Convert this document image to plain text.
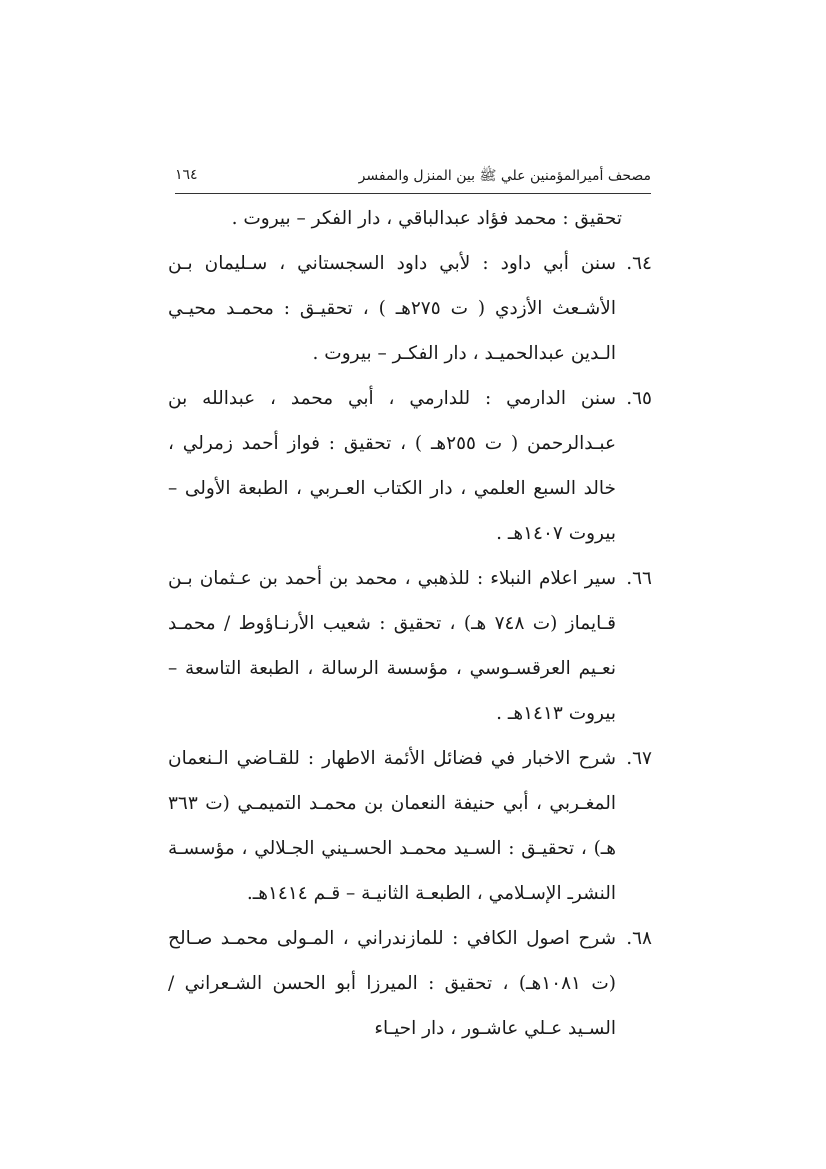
مصحف أميرالمؤمنين علي ﷺ بين المنزل والمفسر
١٦٤

تحقيق : محمد فؤاد عبدالباقي ، دار الفكر – بيروت .

٦٤.
سنن أبي داود : لأبي داود السجستاني ، سـليمان بـن الأشـعث الأزدي ( ت ٢٧٥هـ ) ، تحقيـق : محمـد محيـي الـدين عبدالحميـد ، دار الفكـر – بيروت .

٦٥.
سنن الدارمي : للدارمي ، أبي محمد ، عبدالله بن عبـدالرحمن ( ت ٢٥٥هـ ) ، تحقيق : فواز أحمد زمرلي ، خالد السبع العلمي ، دار الكتاب العـربي ، الطبعة الأولى – بيروت ١٤٠٧هـ .

٦٦.
سير اعلام النبلاء : للذهبي ، محمد بن أحمد بن عـثمان بـن قـايماز (ت ٧٤٨ هـ) ، تحقيق : شعيب الأرنـاؤوط / محمـد نعـيم العرقسـوسي ، مؤسسة الرسالة ، الطبعة التاسعة – بيروت ١٤١٣هـ .

٦٧.
شرح الاخبار في فضائل الأئمة الاطهار : للقـاضي الـنعمان المغـربي ، أبي حنيفة النعمان بن محمـد التميمـي (ت ٣٦٣ هـ) ، تحقيـق : السـيد محمـد الحسـيني الجـلالي ، مؤسسـة النشرـ الإسـلامي ، الطبعـة الثانيـة – قـم ١٤١٤هـ.

٦٨.
شرح اصول الكافي : للمازندراني ، المـولى محمـد صـالح (ت ١٠٨١هـ) ، تحقيق : الميرزا أبو الحسن الشـعراني / السـيد عـلي عاشـور ، دار احيـاء
